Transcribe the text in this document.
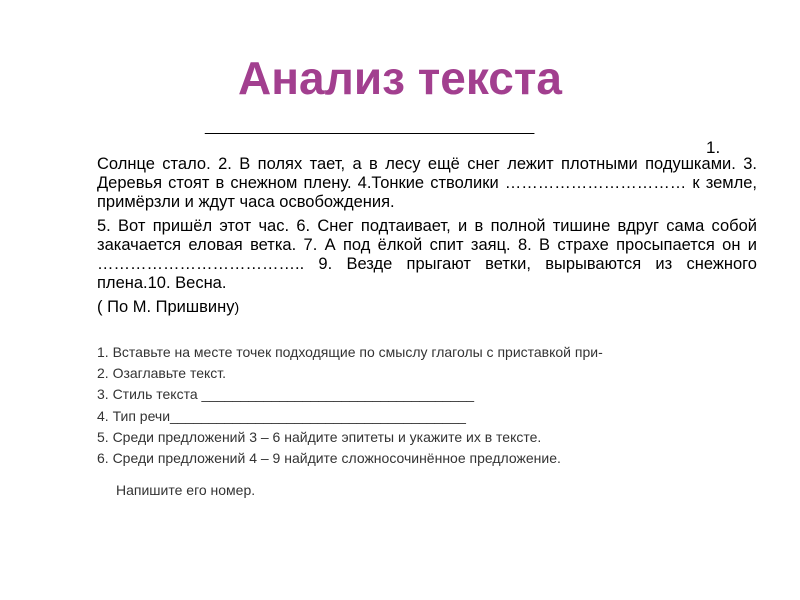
Анализ текста
_____________________________________
1.

Солнце стало. 2. В полях тает, а в лесу ещё снег лежит плотными подушками. 3. Деревья стоят в снежном плену. 4.Тонкие стволики …………………………… к земле, примёрзли и ждут часа освобождения.

5. Вот пришёл этот час. 6. Снег подтаивает, и в полной тишине вдруг сама собой закачается еловая ветка. 7. А под ёлкой спит заяц. 8. В страхе просыпается он и ……………………………….. 9. Везде прыгают ветки, вырываются из снежного плена.10. Весна.

( По М. Пришвину)

1. Вставьте на месте точек подходящие по смыслу глаголы с приставкой при-
2. Озаглавьте текст.
3. Стиль текста ___________________________________
4. Тип речи______________________________________
5. Среди предложений 3 – 6 найдите эпитеты и укажите их в тексте.
6. Среди предложений 4 – 9 найдите сложносочинённое предложение.
Напишите его номер.
